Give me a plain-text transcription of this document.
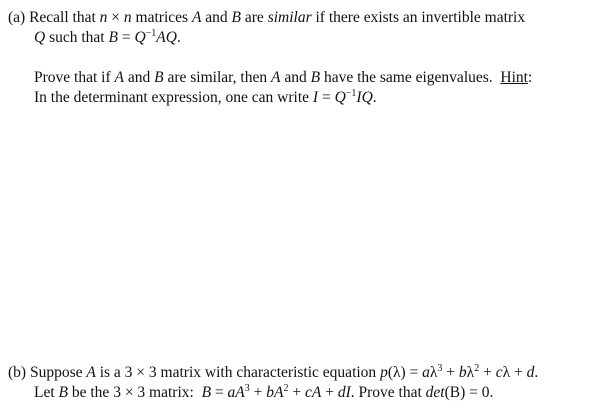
(a) Recall that n × n matrices A and B are similar if there exists an invertible matrix
Q such that $B = Q^{-1}AQ$.
Prove that if A and B are similar, then A and B have the same eigenvalues.  Hint:
In the determinant expression, one can write $I = Q^{-1}IQ$.
(b) Suppose A is a 3 × 3 matrix with characteristic equation $p(\lambda) = a\lambda^3 + b\lambda^2 + c\lambda + d$.
Let B be the 3 × 3 matrix:  $B = aA^3 + bA^2$ + cA + dI. Prove that det(B) = 0.
